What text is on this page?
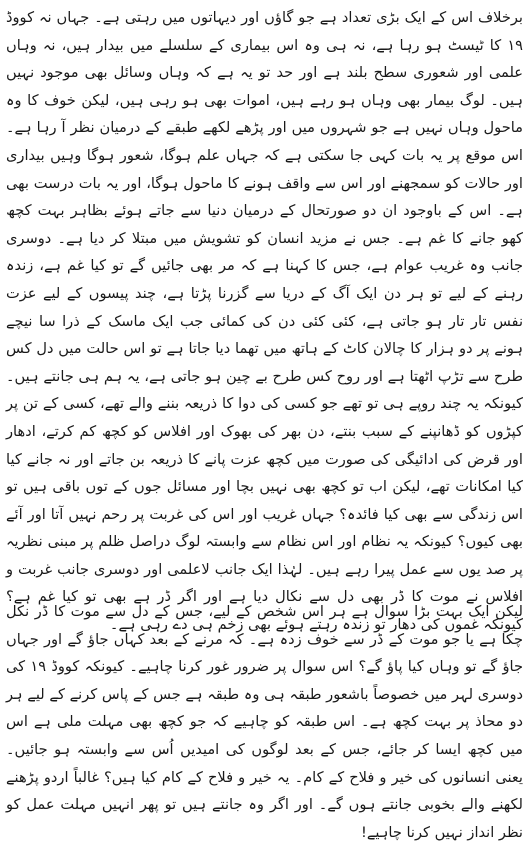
برخلاف اس کے ایک بڑی تعداد ہے جو گاؤں اور دیہاتوں میں رہتی ہے۔ جہاں نہ کووڈ ۱۹ کا ٹیسٹ ہو رہا ہے، نہ ہی وہ اس بیماری کے سلسلے میں بیدار ہیں، نہ وہاں علمی اور شعوری سطح بلند ہے اور حد تو یہ ہے کہ وہاں وسائل بھی موجود نہیں ہیں۔ لوگ بیمار بھی وہاں ہو رہے ہیں، اموات بھی ہو رہی ہیں، لیکن خوف کا وہ ماحول وہاں نہیں ہے جو شہروں میں اور پڑھے لکھے طبقے کے درمیان نظر آ رہا ہے۔ اس موقع پر یہ بات کہی جا سکتی ہے کہ جہاں علم ہوگا، شعور ہوگا وہیں بیداری اور حالات کو سمجھنے اور اس سے واقف ہونے کا ماحول ہوگا، اور یہ بات درست بھی ہے۔ اس کے باوجود ان دو صورتحال کے درمیان دنیا سے جاتے ہوئے بظاہر بہت کچھ کھو جانے کا غم ہے۔ جس نے مزید انسان کو تشویش میں مبتلا کر دیا ہے۔ دوسری جانب وہ غریب عوام ہے، جس کا کہنا ہے کہ مر بھی جائیں گے تو کیا غم ہے، زندہ رہنے کے لیے تو ہر دن ایک آگ کے دریا سے گزرنا پڑتا ہے، چند پیسوں کے لیے عزت نفس تار تار ہو جاتی ہے، کئی کئی دن کی کمائی جب ایک ماسک کے ذرا سا نیچے ہونے پر دو ہزار کا چالان کاٹ کے ہاتھ میں تھما دیا جاتا ہے تو اس حالت میں دل کس طرح سے تڑپ اٹھتا ہے اور روح کس طرح بے چین ہو جاتی ہے، یہ ہم ہی جانتے ہیں۔ کیونکہ یہ چند روپے ہی تو تھے جو کسی کی دوا کا ذریعہ بننے والے تھے، کسی کے تن پر کپڑوں کو ڈھانپنے کے سبب بنتے، دن بھر کی بھوک اور افلاس کو کچھ کم کرتے، ادھار اور قرض کی ادائیگی کی صورت میں کچھ عزت پانے کا ذریعہ بن جاتے اور نہ جانے کیا کیا امکانات تھے، لیکن اب تو کچھ بھی نہیں بچا اور مسائل جوں کے توں باقی ہیں تو اس زندگی سے بھی کیا فائدہ؟ جہاں غریب اور اس کی غربت پر رحم نہیں آتا اور آئے بھی کیوں؟ کیونکہ یہ نظام اور اس نظام سے وابستہ لوگ دراصل ظلم پر مبنی نظریہ پر صد یوں سے عمل پیرا رہے ہیں۔ لہٰذا ایک جانب لاعلمی اور دوسری جانب غربت و افلاس نے موت کا ڈر بھی دل سے نکال دیا ہے اور اگر ڈر ہے بھی تو کیا غم ہے؟ کیونکہ غموں کی دھار تو زندہ رہتے ہوئے بھی زخم ہی دے رہی ہے۔

لیکن ایک بہت بڑا سوال ہے ہر اس شخص کے لیے، جس کے دل سے موت کا ڈر نکل چکا ہے یا جو موت کے ڈر سے خوف زدہ ہے۔ کہ مرنے کے بعد کہاں جاؤ گے اور جہاں جاؤ گے تو وہاں کیا پاؤ گے؟ اس سوال پر ضرور غور کرنا چاہیے۔ کیونکہ کووڈ ۱۹ کی دوسری لہر میں خصوصاً باشعور طبقہ ہی وہ طبقہ ہے جس کے پاس کرنے کے لیے ہر دو محاذ پر بہت کچھ ہے۔ اس طبقہ کو چاہیے کہ جو کچھ بھی مہلت ملی ہے اس میں کچھ ایسا کر جائے، جس کے بعد لوگوں کی امیدیں اُس سے وابستہ ہو جائیں۔ یعنی انسانوں کی خیر و فلاح کے کام۔ یہ خیر و فلاح کے کام کیا ہیں؟ غالباً اردو پڑھنے لکھنے والے بخوبی جانتے ہوں گے۔ اور اگر وہ جانتے ہیں تو پھر انہیں مہلت عمل کو نظر انداز نہیں کرنا چاہیے!
